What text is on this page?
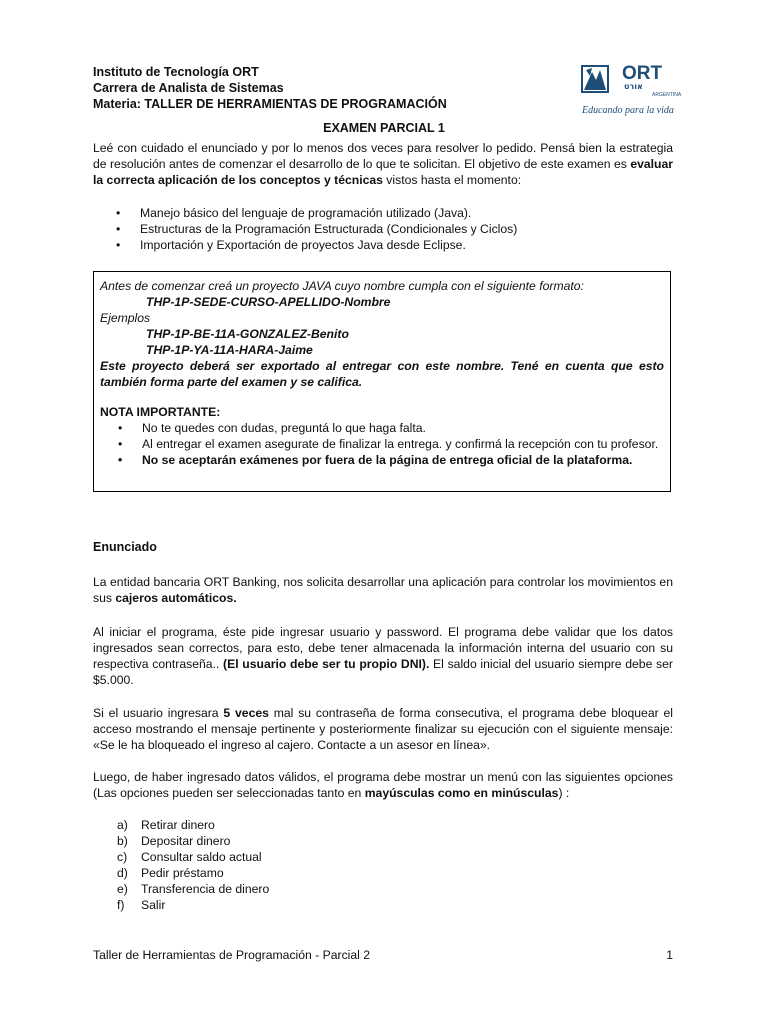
Instituto de Tecnología ORT
Carrera de Analista de Sistemas
Materia: TALLER DE HERRAMIENTAS DE PROGRAMACIÓN
ORT
אורט
ARGENTINA
Educando para la vida
EXAMEN PARCIAL 1
Leé con cuidado el enunciado y por lo menos dos veces para resolver lo pedido. Pensá bien la estrategia de resolución antes de comenzar el desarrollo de lo que te solicitan. El objetivo de este examen es evaluar la correcta aplicación de los conceptos y técnicas vistos hasta el momento:
• Manejo básico del lenguaje de programación utilizado (Java).
• Estructuras de la Programación Estructurada (Condicionales y Ciclos)
• Importación y Exportación de proyectos Java desde Eclipse.
Antes de comenzar creá un proyecto JAVA cuyo nombre cumpla con el siguiente formato:
THP-1P-SEDE-CURSO-APELLIDO-Nombre
Ejemplos
THP-1P-BE-11A-GONZALEZ-Benito
THP-1P-YA-11A-HARA-Jaime
Este proyecto deberá ser exportado al entregar con este nombre. Tené en cuenta que esto también forma parte del examen y se califica.
NOTA IMPORTANTE:
• No te quedes con dudas, preguntá lo que haga falta.
• Al entregar el examen asegurate de finalizar la entrega. y confirmá la recepción con tu profesor.
• No se aceptarán exámenes por fuera de la página de entrega oficial de la plataforma.
Enunciado
La entidad bancaria ORT Banking, nos solicita desarrollar una aplicación para controlar los movimientos en sus cajeros automáticos.
Al iniciar el programa, éste pide ingresar usuario y password. El programa debe validar que los datos ingresados sean correctos, para esto, debe tener almacenada la información interna del usuario con su respectiva contraseña.. (El usuario debe ser tu propio DNI). El saldo inicial del usuario siempre debe ser $5.000.
Si el usuario ingresara 5 veces mal su contraseña de forma consecutiva, el programa debe bloquear el acceso mostrando el mensaje pertinente y posteriormente finalizar su ejecución con el siguiente mensaje: «Se le ha bloqueado el ingreso al cajero. Contacte a un asesor en línea».
Luego, de haber ingresado datos válidos, el programa debe mostrar un menú con las siguientes opciones (Las opciones pueden ser seleccionadas tanto en mayúsculas como en minúsculas) :
a)	Retirar dinero
b)	Depositar dinero
c)	Consultar saldo actual
d)	Pedir préstamo
e)	Transferencia de dinero
f)	Salir
Taller de Herramientas de Programación - Parcial 2	1
